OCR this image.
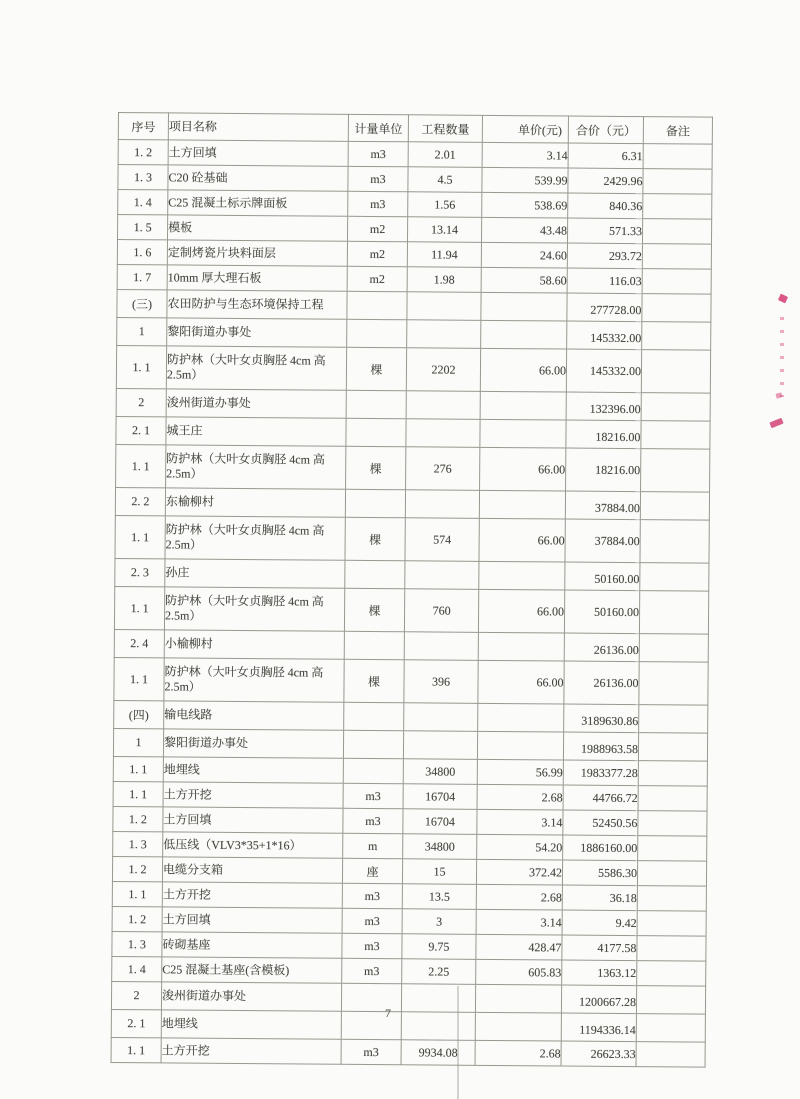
序号	项目名称	计量单位	工程数量	单价(元)	合价（元）	备注
1. 2	土方回填	m3	2.01	3.14	6.31	
1. 3	C20 砼基础	m3	4.5	539.99	2429.96	
1. 4	C25 混凝土标示牌面板	m3	1.56	538.69	840.36	
1. 5	模板	m2	13.14	43.48	571.33	
1. 6	定制烤瓷片块料面层	m2	11.94	24.60	293.72	
1. 7	10mm 厚大理石板	m2	1.98	58.60	116.03	
(三)	农田防护与生态环境保持工程				277728.00	
1	黎阳街道办事处				145332.00	
1. 1	防护林（大叶女贞胸胫 4cm 高 2.5m）	棵	2202	66.00	145332.00	
2	浚州街道办事处				132396.00	
2. 1	城王庄				18216.00	
1. 1	防护林（大叶女贞胸胫 4cm 高 2.5m）	棵	276	66.00	18216.00	
2. 2	东榆柳村				37884.00	
1. 1	防护林（大叶女贞胸胫 4cm 高 2.5m）	棵	574	66.00	37884.00	
2. 3	孙庄				50160.00	
1. 1	防护林（大叶女贞胸胫 4cm 高 2.5m）	棵	760	66.00	50160.00	
2. 4	小榆柳村				26136.00	
1. 1	防护林（大叶女贞胸胫 4cm 高 2.5m）	棵	396	66.00	26136.00	
(四)	输电线路				3189630.86	
1	黎阳街道办事处				1988963.58	
1. 1	地埋线		34800	56.99	1983377.28	
1. 1	土方开挖	m3	16704	2.68	44766.72	
1. 2	土方回填	m3	16704	3.14	52450.56	
1. 3	低压线（VLV3*35+1*16）	m	34800	54.20	1886160.00	
1. 2	电缆分支箱	座	15	372.42	5586.30	
1. 1	土方开挖	m3	13.5	2.68	36.18	
1. 2	土方回填	m3	3	3.14	9.42	
1. 3	砖砌基座	m3	9.75	428.47	4177.58	
1. 4	C25 混凝土基座(含模板)	m3	2.25	605.83	1363.12	
2	浚州街道办事处				1200667.28	
2. 1	地埋线				1194336.14	
1. 1	土方开挖	m3	9934.08	2.68	26623.33	
7
